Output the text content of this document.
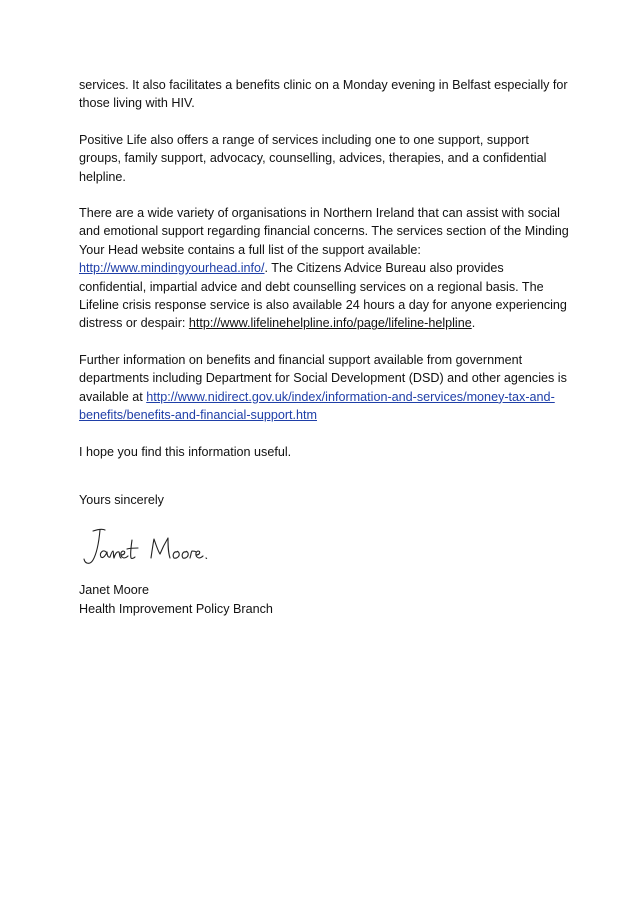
services. It also facilitates a benefits clinic on a Monday evening in Belfast especially for those living with HIV.

Positive Life also offers a range of services including one to one support, support groups, family support, advocacy, counselling, advices, therapies, and a confidential helpline.

There are a wide variety of organisations in Northern Ireland that can assist with social and emotional support regarding financial concerns. The services section of the Minding Your Head website contains a full list of the support available: http://www.mindingyourhead.info/. The Citizens Advice Bureau also provides confidential, impartial advice and debt counselling services on a regional basis. The Lifeline crisis response service is also available 24 hours a day for anyone experiencing distress or despair: http://www.lifelinehelpline.info/page/lifeline-helpline.

Further information on benefits and financial support available from government departments including Department for Social Development (DSD) and other agencies is available at http://www.nidirect.gov.uk/index/information-and-services/money-tax-and-benefits/benefits-and-financial-support.htm

I hope you find this information useful.

Yours sincerely
Janet Moore
Health Improvement Policy Branch
